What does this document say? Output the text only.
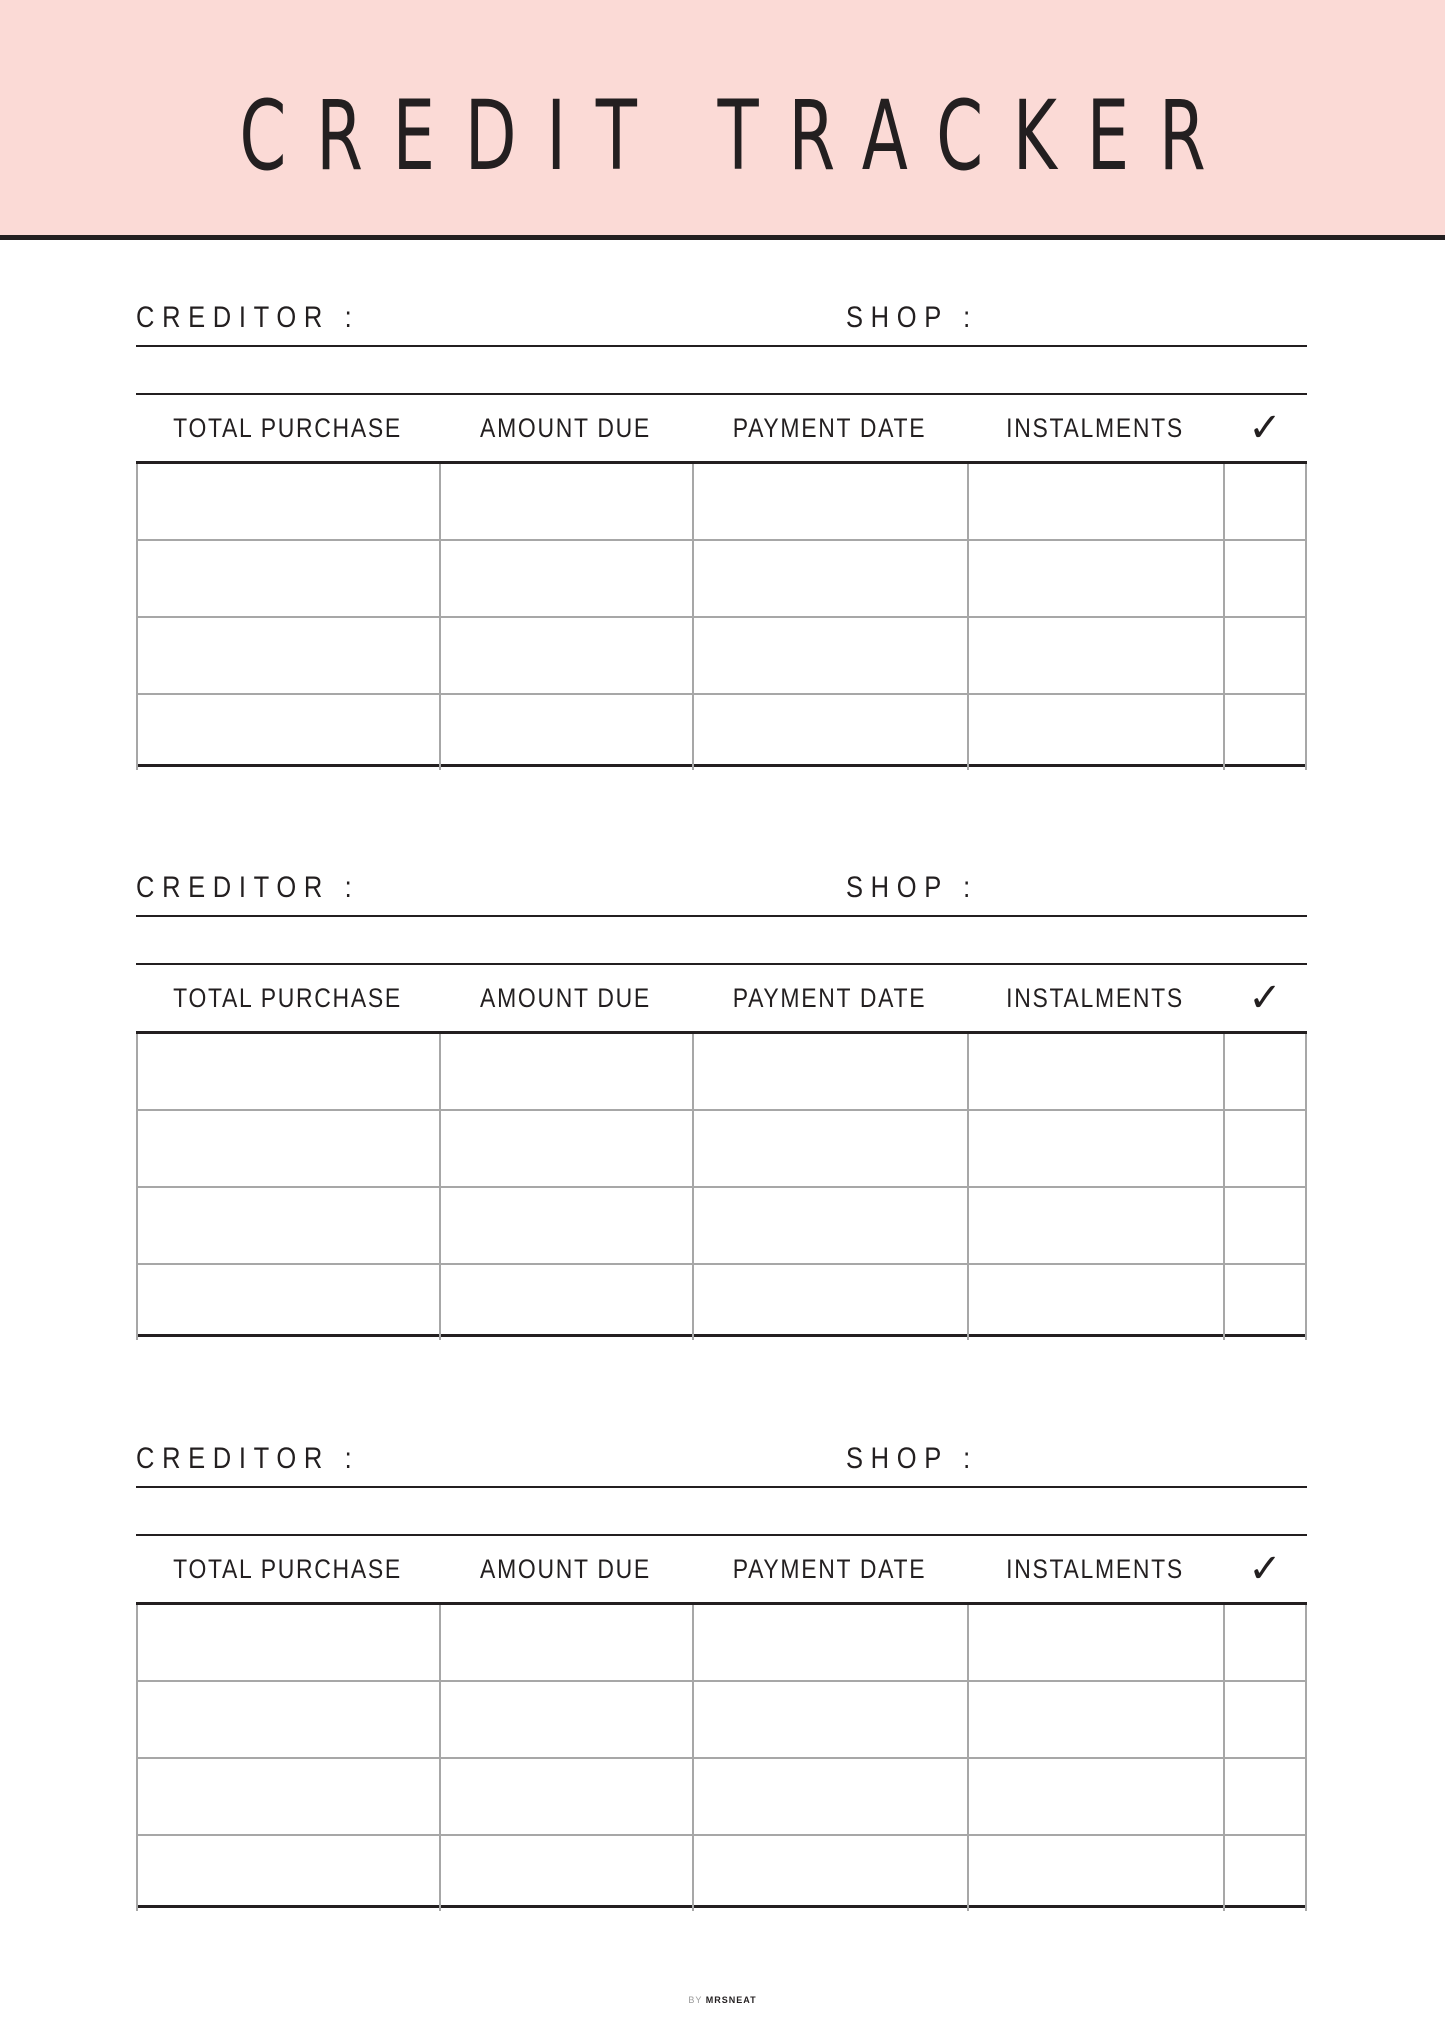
CREDIT TRACKER
CREDITOR :	SHOP :
TOTAL PURCHASE	AMOUNT DUE	PAYMENT DATE	INSTALMENTS	✓
CREDITOR :	SHOP :
TOTAL PURCHASE	AMOUNT DUE	PAYMENT DATE	INSTALMENTS	✓
CREDITOR :	SHOP :
TOTAL PURCHASE	AMOUNT DUE	PAYMENT DATE	INSTALMENTS	✓
BY MRSNEAT
